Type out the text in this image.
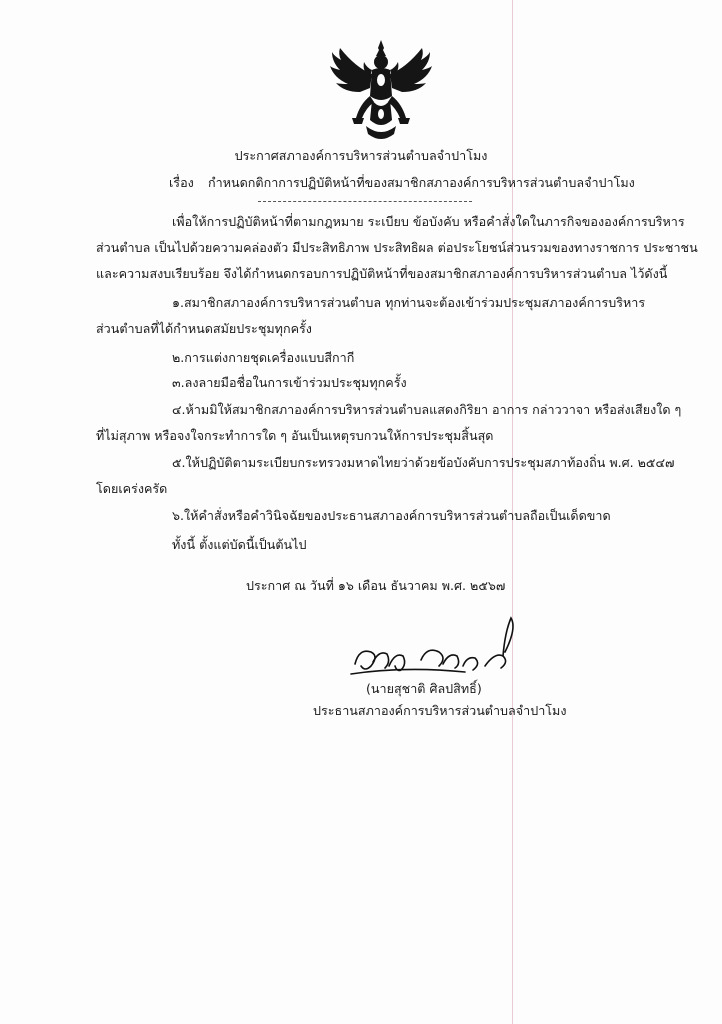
ประกาศสภาองค์การบริหารส่วนตำบลจำปาโมง
เรื่อง กำหนดกติกาการปฏิบัติหน้าที่ของสมาชิกสภาองค์การบริหารส่วนตำบลจำปาโมง
เพื่อให้การปฏิบัติหน้าที่ตามกฎหมาย ระเบียบ ข้อบังคับ หรือคำสั่งใดในภารกิจขององค์การบริหาร
ส่วนตำบล เป็นไปด้วยความคล่องตัว มีประสิทธิภาพ ประสิทธิผล ต่อประโยชน์ส่วนรวมของทางราชการ ประชาชน
และความสงบเรียบร้อย จึงได้กำหนดกรอบการปฏิบัติหน้าที่ของสมาชิกสภาองค์การบริหารส่วนตำบล ไว้ดังนี้
๑.สมาชิกสภาองค์การบริหารส่วนตำบล ทุกท่านจะต้องเข้าร่วมประชุมสภาองค์การบริหาร
ส่วนตำบลที่ได้กำหนดสมัยประชุมทุกครั้ง
๒.การแต่งกายชุดเครื่องแบบสีกากี
๓.ลงลายมือชื่อในการเข้าร่วมประชุมทุกครั้ง
๔.ห้ามมิให้สมาชิกสภาองค์การบริหารส่วนตำบลแสดงกิริยา อาการ กล่าววาจา หรือส่งเสียงใด ๆ
ที่ไม่สุภาพ หรือจงใจกระทำการใด ๆ อันเป็นเหตุรบกวนให้การประชุมสิ้นสุด
๕.ให้ปฏิบัติตามระเบียบกระทรวงมหาดไทยว่าด้วยข้อบังคับการประชุมสภาท้องถิ่น พ.ศ. ๒๕๔๗
โดยเคร่งครัด
๖.ให้คำสั่งหรือคำวินิจฉัยของประธานสภาองค์การบริหารส่วนตำบลถือเป็นเด็ดขาด
ทั้งนี้ ตั้งแต่บัดนี้เป็นต้นไป
ประกาศ ณ วันที่ ๑๖ เดือน ธันวาคม พ.ศ. ๒๕๖๗
(นายสุชาติ ศิลปสิทธิ์)
ประธานสภาองค์การบริหารส่วนตำบลจำปาโมง
